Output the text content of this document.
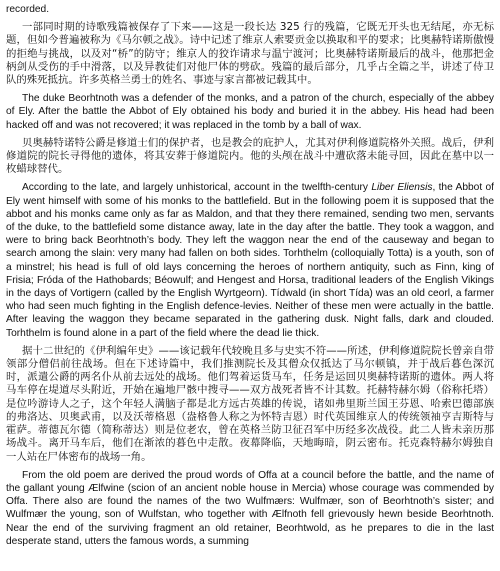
recorded.

一部同时期的诗歌残篇被保存了下来——这是一段长达 325 行的残篇，它既无开头也无结尾，亦无标题，但如今普遍被称为《马尔顿之战》。诗中记述了维京人索要贡金以换取和平的要求；比奥赫特诺斯傲慢的拒绝与挑战，以及对“桥”的防守；维京人的狡诈请求与温宁渡河；比奥赫特诺斯最后的战斗，他那把金柄剑从受伤的手中滑落，以及异教徒们对他尸体的劈砍。残篇的最后部分，几乎占全篇之半，讲述了侍卫队的殊死抵抗。许多英格兰勇士的姓名、事迹与家言都被记载其中。

The duke Beorhtnoth was a defender of the monks, and a patron of the church, especially of the abbey of Ely. After the battle the Abbot of Ely obtained his body and buried it in the abbey. His head had been hacked off and was not recovered; it was replaced in the tomb by a ball of wax.

贝奥赫特诺特公爵是修道士们的保护者，也是教会的庇护人，尤其对伊利修道院格外关照。战后，伊利修道院的院长寻得他的遗体，将其安葬于修道院内。他的头颅在战斗中遭砍落未能寻回，因此在墓中以一枚蜡球替代。

According to the late, and largely unhistorical, account in the twelfth-century Liber Eliensis, the Abbot of Ely went himself with some of his monks to the battlefield. But in the following poem it is supposed that the abbot and his monks came only as far as Maldon, and that they there remained, sending two men, servants of the duke, to the battlefield some distance away, late in the day after the battle. They took a waggon, and were to bring back Beorhtnoth’s body. They left the waggon near the end of the causeway and began to search among the slain: very many had fallen on both sides. Torhthelm (colloquially Totta) is a youth, son of a minstrel; his head is full of old lays concerning the heroes of northern antiquity, such as Finn, king of Frisia; Fróda of the Hathobards; Béowulf; and Hengest and Horsa, traditional leaders of the English Vikings in the days of Vortigern (called by the English Wyrtgeorn). Tídwald (in short Tída) was an old ceorl, a farmer who had seen much fighting in the English defence-levies. Neither of these men were actually in the battle. After leaving the waggon they became separated in the gathering dusk. Night falls, dark and clouded. Torhthelm is found alone in a part of the field where the dead lie thick.

据十二世纪的《伊利编年史》——该记载年代较晚且多与史实不符——所述，伊利修道院院长曾亲自带领部分僧侣前往战场。但在下述诗篇中，我们推测院长及其僧众仅抵达了马尔顿镇，并于战后暮色深沉时，派遣公爵的两名仆从前去远处的战场。他们驾着运货马车，任务是运回贝奥赫特诺斯的遗体。两人将马车停在堤道尽头附近，开始在遍地尸骸中搜寻——双方战死者皆不计其数。托赫特赫尔姆（俗称托塔）是位吟游诗人之子，这个年轻人满脑子都是北方远古英雄的传说，诸如弗里斯兰国王芬恩、哈索巴德部族的弗洛达、贝奥武甫，以及沃蒂格恩（盎格鲁人称之为怀特吉恩）时代英国维京人的传统领袖亨吉斯特与霍萨。蒂德瓦尔德（简称蒂达）则是位老农，曾在英格兰防卫征召军中历经多次战役。此二人皆未亲历那场战斗。离开马车后，他们在渐浓的暮色中走散。夜幕降临，天地晦暗，阴云密布。托克森特赫尔姆独自一人站在尸体密布的战场一角。

From the old poem are derived the proud words of Offa at a council before the battle, and the name of the gallant young Ælfwine (scion of an ancient noble house in Mercia) whose courage was commended by Offa. There also are found the names of the two Wulfmærs: Wulfmær, son of Beorhtnoth’s sister; and Wulfmær the young, son of Wulfstan, who together with Ælfnoth fell grievously hewn beside Beorhtnoth. Near the end of the surviving fragment an old retainer, Beorhtwold, as he prepares to die in the last desperate stand, utters the famous words, a summing
